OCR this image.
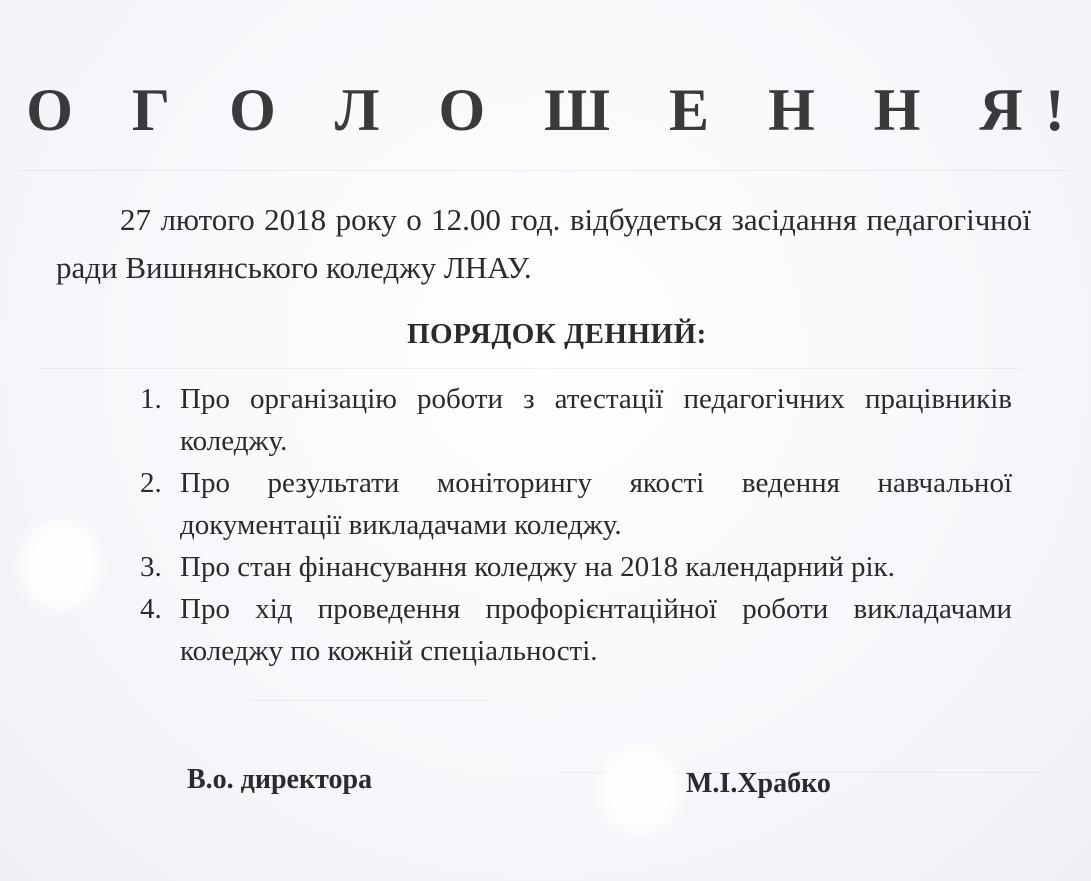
О Г О Л О Ш Е Н Н Я!
27 лютого 2018 року о 12.00 год. відбудеться засідання педагогічної ради Вишнянського коледжу ЛНАУ.
ПОРЯДОК ДЕННИЙ:
1. Про організацію роботи з атестації педагогічних працівників коледжу.
2. Про результати моніторингу якості ведення навчальної документації викладачами коледжу.
3. Про стан фінансування коледжу на 2018 календарний рік.
4. Про хід проведення профорієнтаційної роботи викладачами коледжу по кожній спеціальності.
В.о. директора	М.І.Храбко
